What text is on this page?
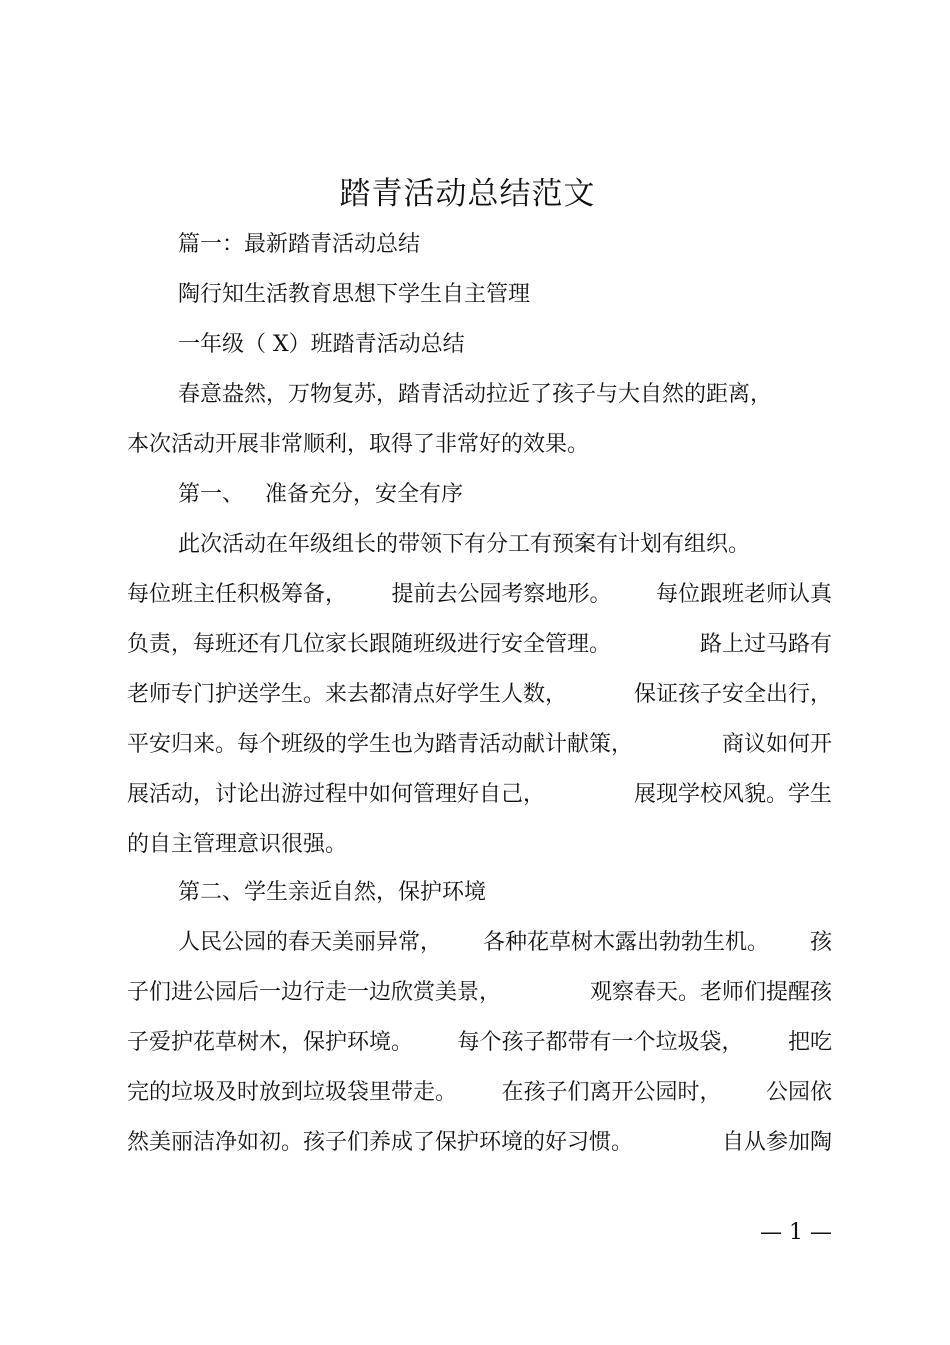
踏青活动总结范文
篇一：最新踏青活动总结
陶行知生活教育思想下学生自主管理
一年级（ X）班踏青活动总结
春意盎然，万物复苏，踏青活动拉近了孩子与大自然的距离，
本次活动开展非常顺利，取得了非常好的效果。
第一、   准备充分，安全有序
此次活动在年级组长的带领下有分工有预案有计划有组织。
每位班主任积极筹备， 提前去公园考察地形。 每位跟班老师认真
负责，每班还有几位家长跟随班级进行安全管理。	路上过马路有
老师专门护送学生。来去都清点好学生人数，	保证孩子安全出行，
平安归来。每个班级的学生也为踏青活动献计献策，	商议如何开
展活动，讨论出游过程中如何管理好自己，	展现学校风貌。学生
的自主管理意识很强。
第二、学生亲近自然，保护环境
人民公园的春天美丽异常， 各种花草树木露出勃勃生机。 孩
子们进公园后一边行走一边欣赏美景，	观察春天。老师们提醒孩
子爱护花草树木，保护环境。 每个孩子都带有一个垃圾袋， 把吃
完的垃圾及时放到垃圾袋里带走。 在孩子们离开公园时， 公园依
然美丽洁净如初。孩子们养成了保护环境的好习惯。	自从参加陶
— 1 —
